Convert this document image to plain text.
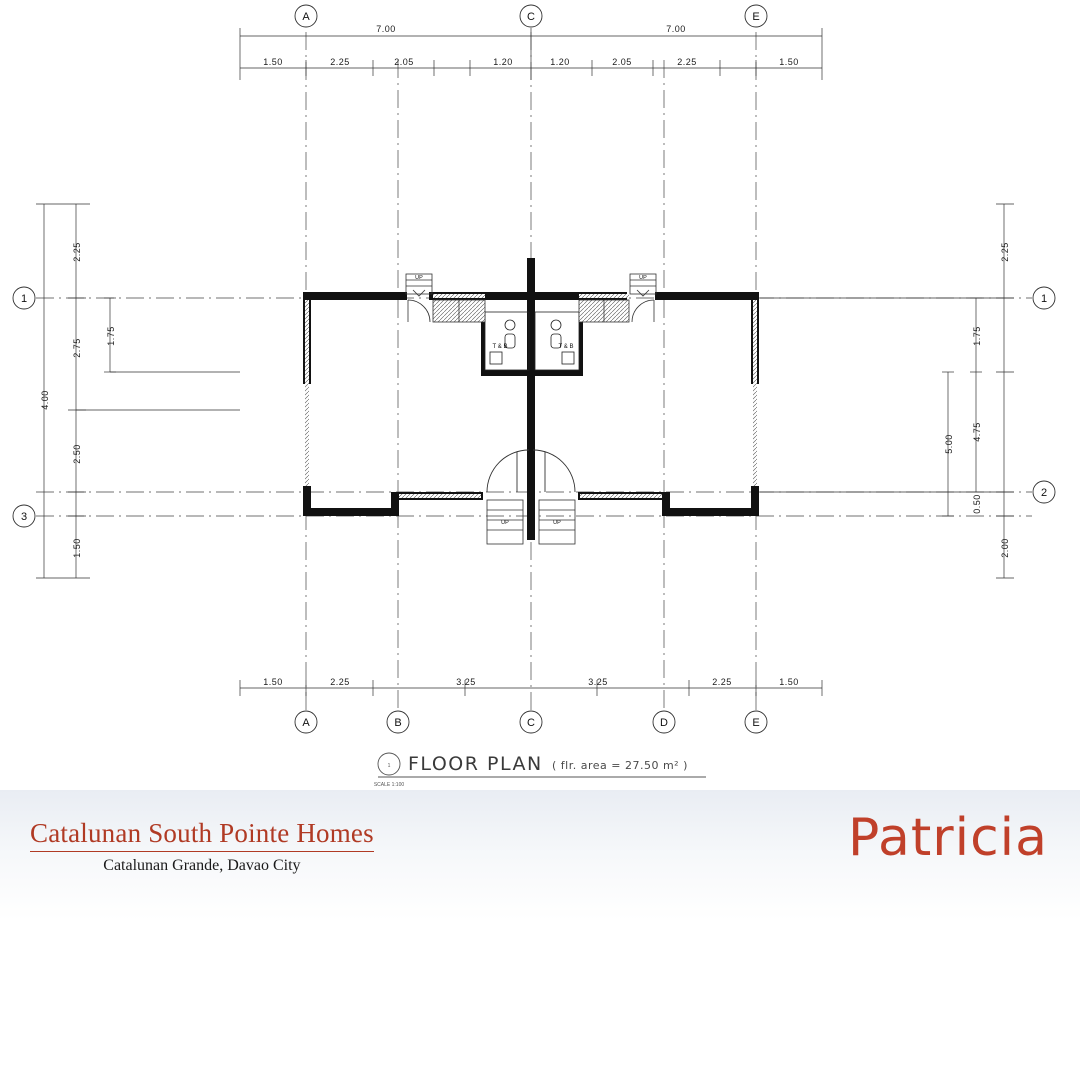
7.00	7.00
1.50	2.25	2.05	1.20	1.20	2.05	2.25	1.50
A	C	E
A	B	C	D	E
1
3
1
2
4.00
2.25
2.75
2.50
1.50
1.75
2.25
1.75
4.75
0.50
2.00
5.00
1.50	2.25	3.25	3.25	2.25	1.50
T & B	T & B
UP	UP
UP	UP
1 FLOOR PLAN ( flr. area = 27.50 m² )
SCALE 1:100
Catalunan South Pointe Homes
Catalunan Grande, Davao City	Patricia
